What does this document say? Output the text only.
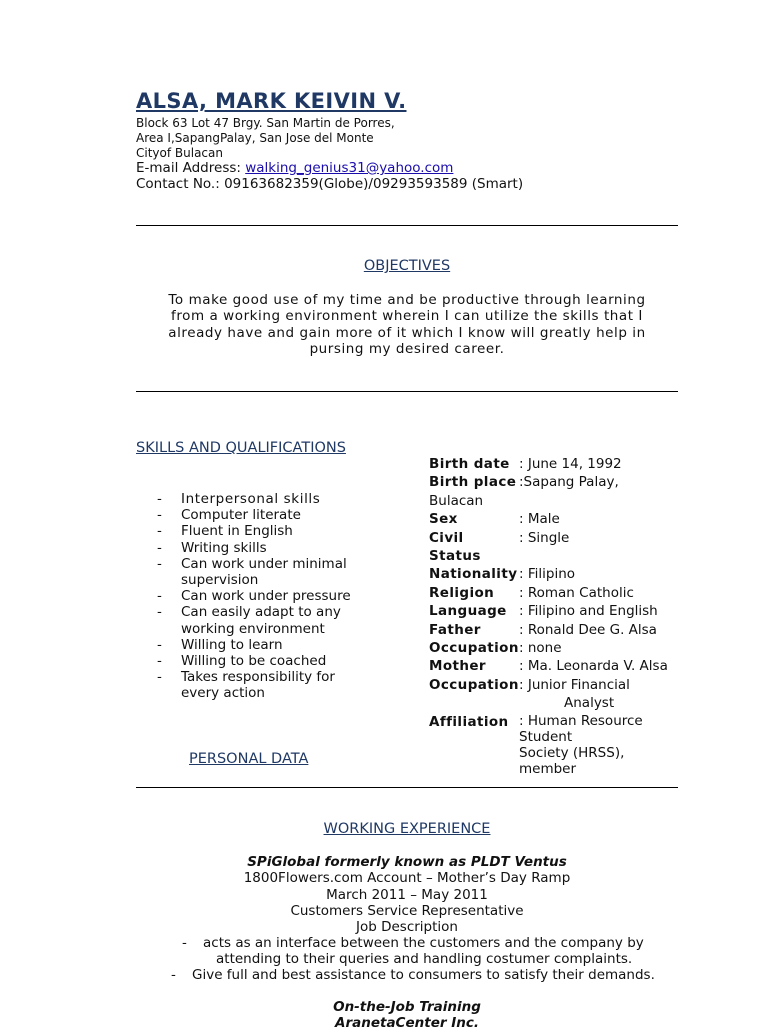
ALSA, MARK KEIVIN V.
Block 63 Lot 47 Brgy. San Martin de Porres,
Area I,SapangPalay, San Jose del Monte
Cityof Bulacan
E-mail Address: walking_genius31@yahoo.com
Contact No.: 09163682359(Globe)/09293593589 (Smart)
OBJECTIVES
To make good use of my time and be productive through learning
from a working environment wherein I can utilize the skills that I
already have and gain more of it which I know will greatly help in
pursing my desired career.
SKILLS AND QUALIFICATIONS
- Interpersonal skills
- Computer literate
- Fluent in English
- Writing skills
- Can work under minimal
supervision
- Can work under pressure
- Can easily adapt to any
working environment
- Willing to learn
- Willing to be coached
- Takes responsibility for
every action
Birth date	: June 14, 1992
Birth place	:Sapang Palay,
Bulacan	
Sex	: Male
Civil Status	: Single
Nationality	: Filipino
Religion	: Roman Catholic
Language	: Filipino and English
Father	: Ronald Dee G. Alsa
Occupation	: none
Mother	: Ma. Leonarda V. Alsa
Occupation	: Junior Financial
	Analyst
Affiliation	: Human Resource
Student
Society (HRSS),
member
PERSONAL DATA
WORKING EXPERIENCE
SPiGlobal formerly known as PLDT Ventus
1800Flowers.com Account – Mother’s Day Ramp
March 2011 – May 2011
Customers Service Representative
Job Description
- acts as an interface between the customers and the company by
attending to their queries and handling costumer complaints.
- Give full and best assistance to consumers to satisfy their demands.
On-the-Job Training
AranetaCenter Inc.
